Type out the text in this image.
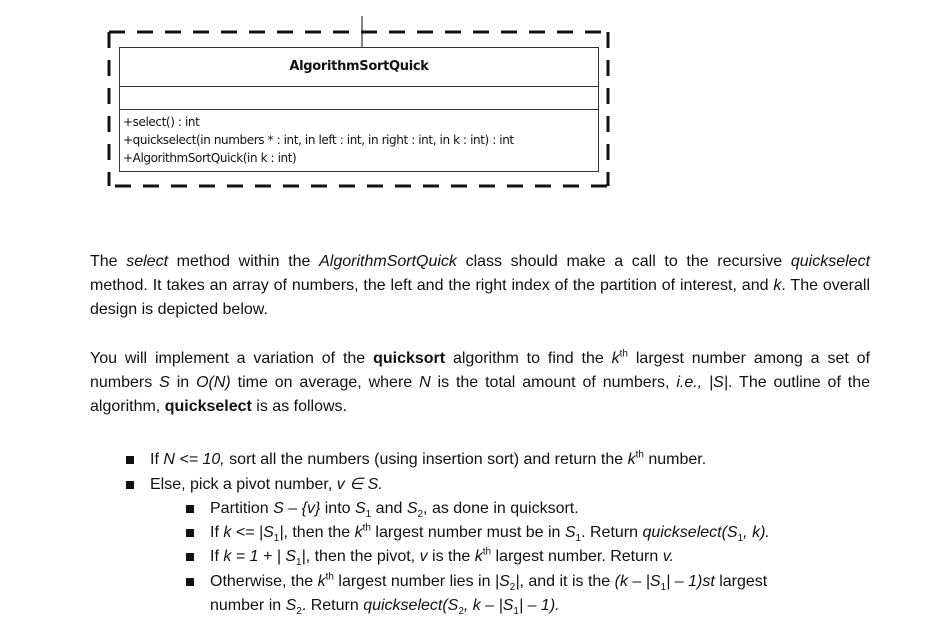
AlgorithmSortQuick
+select() : int
+quickselect(in numbers * : int, in left : int, in right : int, in k : int) : int
+AlgorithmSortQuick(in k : int)

The select method within the AlgorithmSortQuick class should make a call to the recursive quickselect method. It takes an array of numbers, the left and the right index of the partition of interest, and k. The overall design is depicted below.

You will implement a variation of the quicksort algorithm to find the $k^{th}$ largest number among a set of numbers S in O(N) time on average, where N is the total amount of numbers, i.e., |S|. The outline of the algorithm, quickselect is as follows.

If N <= 10, sort all the numbers (using insertion sort) and return the $k^{th}$ number.
Else, pick a pivot number, v ∈ S.
Partition S – {v} into $S_1$ and $S_2$, as done in quicksort.
If $k <= |S_1|$, then the $k^{th}$ largest number must be in $S_1$. Return $quickselect(S_1$, k).
If k = 1 + | $S_1|$, then the pivot, v is the $k^{th}$ largest number. Return v.
Otherwise, the $k^{th}$ largest number lies in $|S_2|$, and it is the $(k - |S_1| - 1)st$ largest
number in $S_2$. Return $quickselect(S_2$, k – $|S_1| - 1$).
